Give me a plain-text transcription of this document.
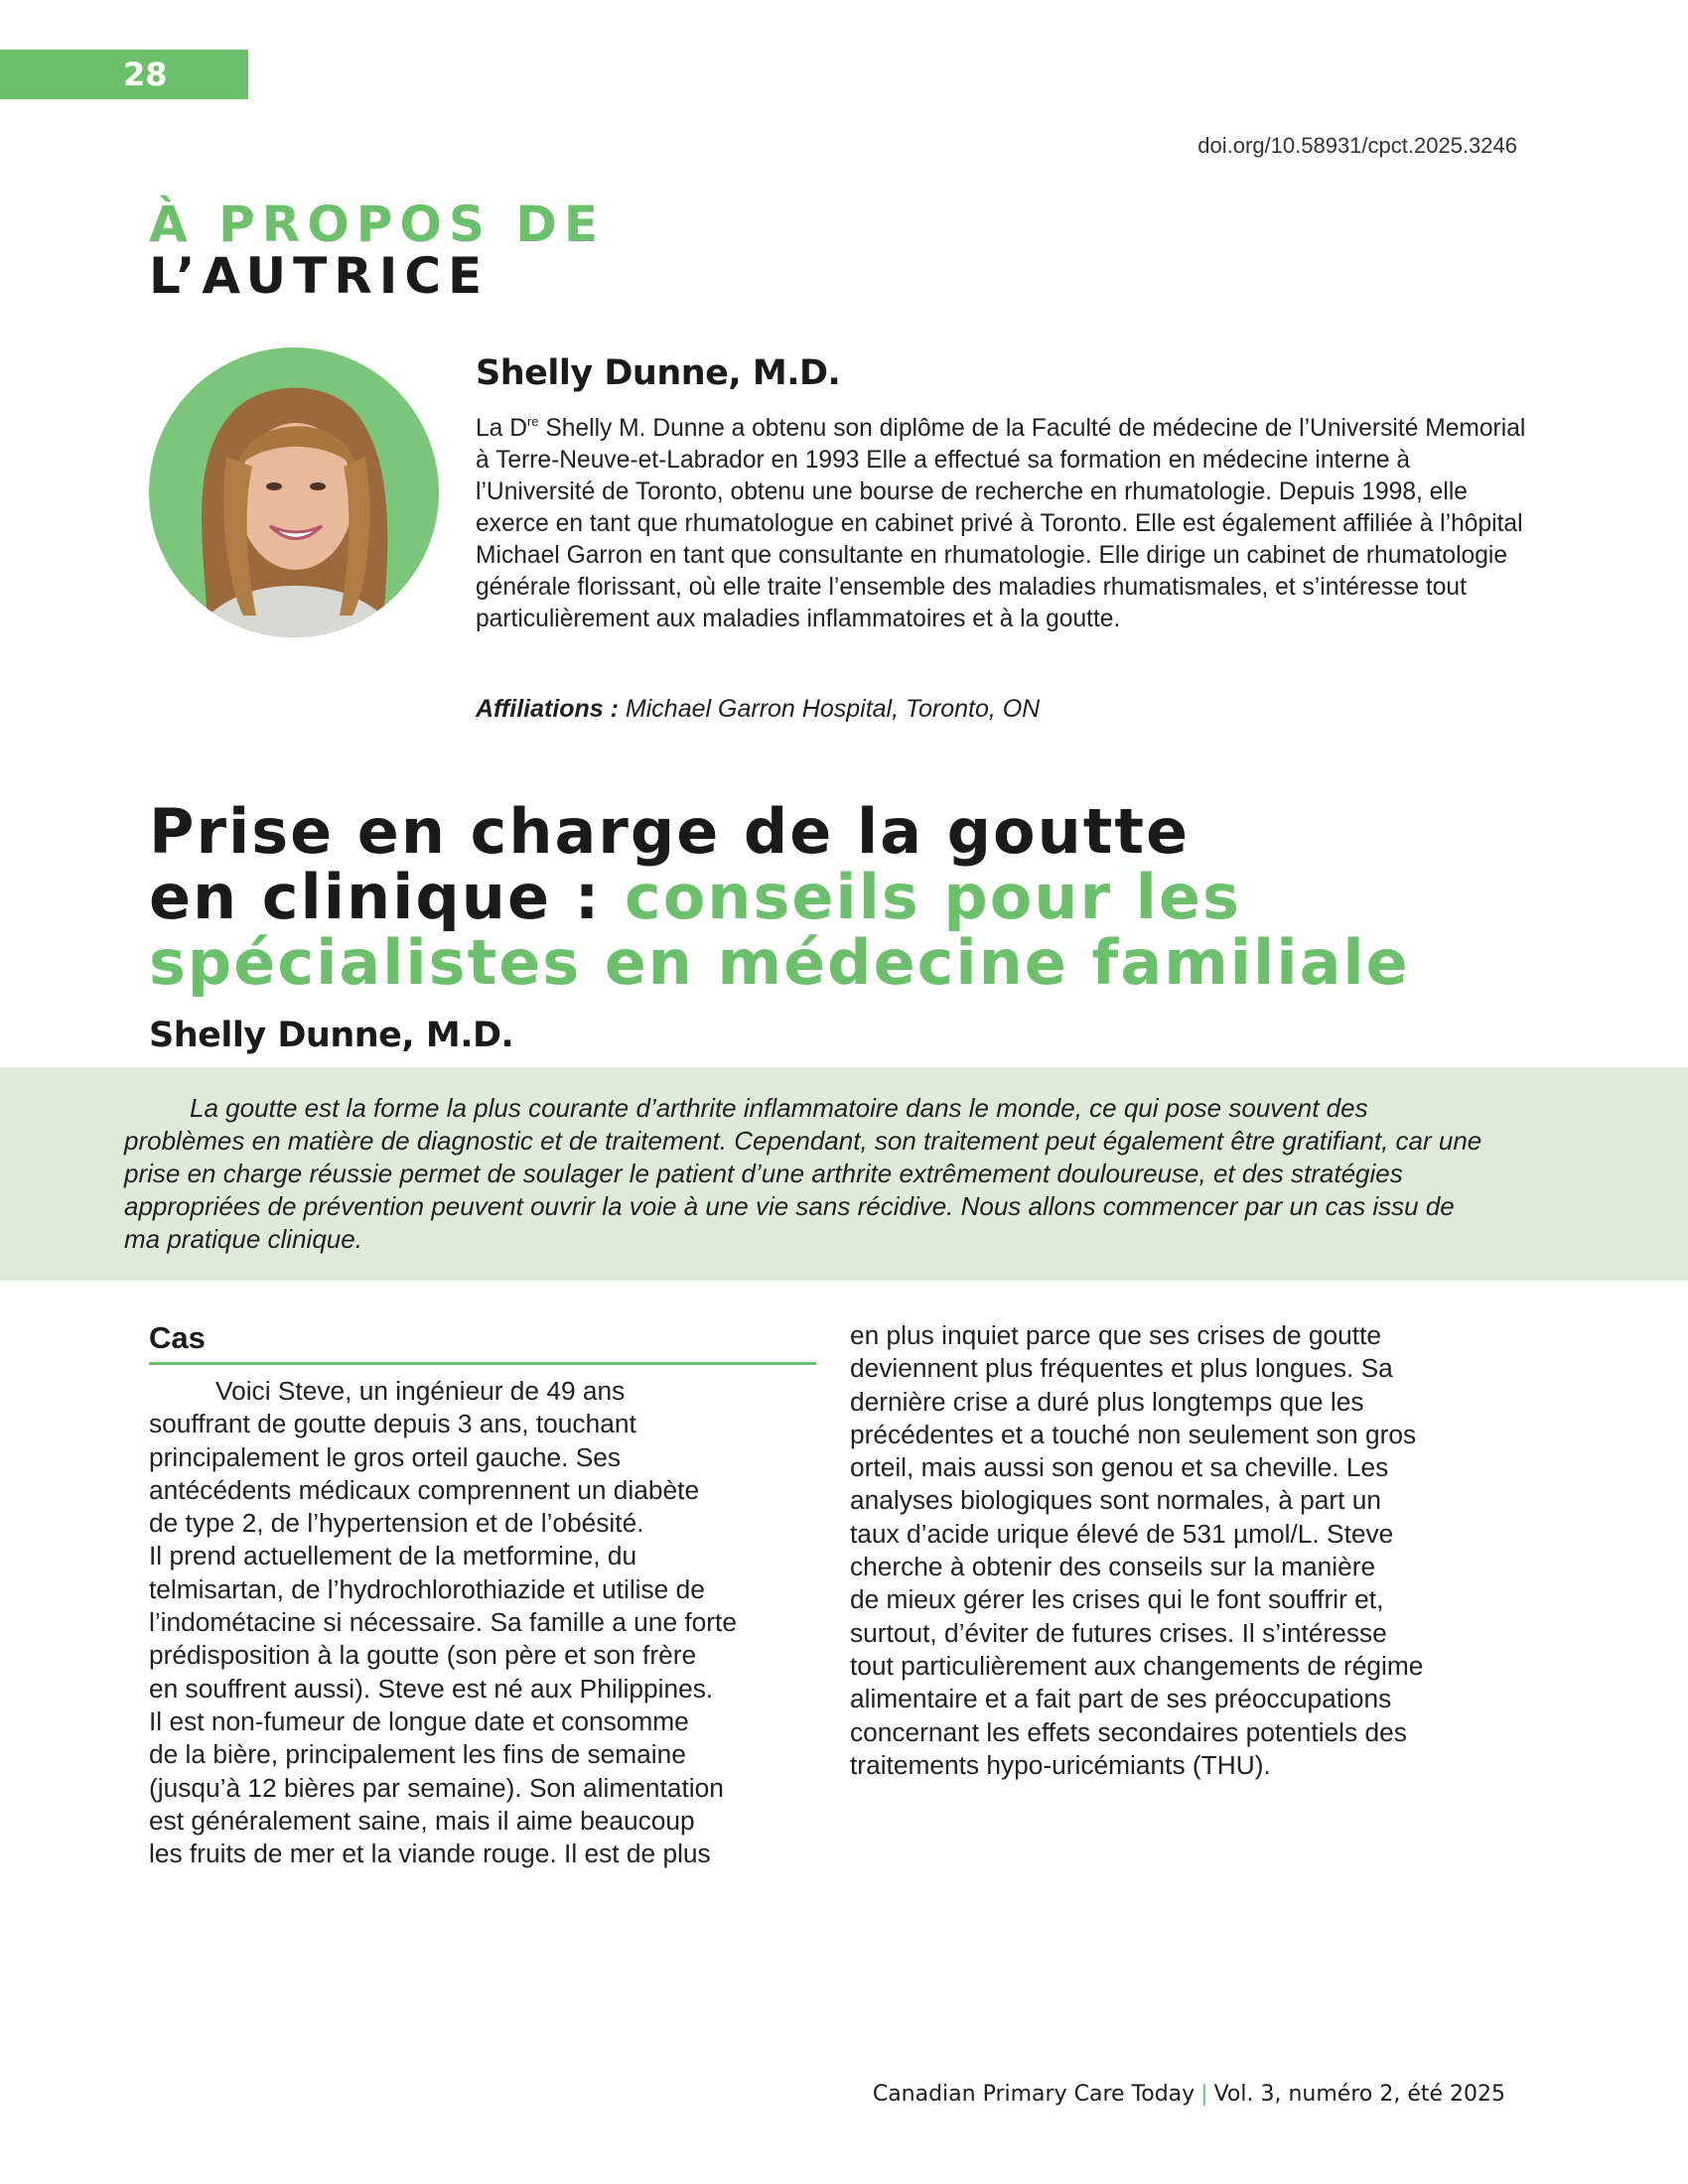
28
doi.org/10.58931/cpct.2025.3246
À PROPOS DE
L’AUTRICE
Shelly Dunne, M.D.
La Dre Shelly M. Dunne a obtenu son diplôme de la Faculté de médecine de l’Université Memorial à Terre-Neuve-et-Labrador en 1993 Elle a effectué sa formation en médecine interne à l’Université de Toronto, obtenu une bourse de recherche en rhumatologie. Depuis 1998, elle exerce en tant que rhumatologue en cabinet privé à Toronto. Elle est également affiliée à l’hôpital Michael Garron en tant que consultante en rhumatologie. Elle dirige un cabinet de rhumatologie générale florissant, où elle traite l’ensemble des maladies rhumatismales, et s’intéresse tout particulièrement aux maladies inflammatoires et à la goutte.
Affiliations : Michael Garron Hospital, Toronto, ON
Prise en charge de la goutte
en clinique : conseils pour les
spécialistes en médecine familiale
Shelly Dunne, M.D.
La goutte est la forme la plus courante d’arthrite inflammatoire dans le monde, ce qui pose souvent des problèmes en matière de diagnostic et de traitement. Cependant, son traitement peut également être gratifiant, car une prise en charge réussie permet de soulager le patient d’une arthrite extrêmement douloureuse, et des stratégies appropriées de prévention peuvent ouvrir la voie à une vie sans récidive. Nous allons commencer par un cas issu de ma pratique clinique.
Cas
Voici Steve, un ingénieur de 49 ans
souffrant de goutte depuis 3 ans, touchant
principalement le gros orteil gauche. Ses
antécédents médicaux comprennent un diabète
de type 2, de l’hypertension et de l’obésité.
Il prend actuellement de la metformine, du
telmisartan, de l’hydrochlorothiazide et utilise de
l’indométacine si nécessaire. Sa famille a une forte
prédisposition à la goutte (son père et son frère
en souffrent aussi). Steve est né aux Philippines.
Il est non-fumeur de longue date et consomme
de la bière, principalement les fins de semaine
(jusqu’à 12 bières par semaine). Son alimentation
est généralement saine, mais il aime beaucoup
les fruits de mer et la viande rouge. Il est de plus
en plus inquiet parce que ses crises de goutte
deviennent plus fréquentes et plus longues. Sa
dernière crise a duré plus longtemps que les
précédentes et a touché non seulement son gros
orteil, mais aussi son genou et sa cheville. Les
analyses biologiques sont normales, à part un
taux d’acide urique élevé de 531 µmol/L. Steve
cherche à obtenir des conseils sur la manière
de mieux gérer les crises qui le font souffrir et,
surtout, d’éviter de futures crises. Il s’intéresse
tout particulièrement aux changements de régime
alimentaire et a fait part de ses préoccupations
concernant les effets secondaires potentiels des
traitements hypo-uricémiants (THU).
Canadian Primary Care Today | Vol. 3, numéro 2, été 2025
